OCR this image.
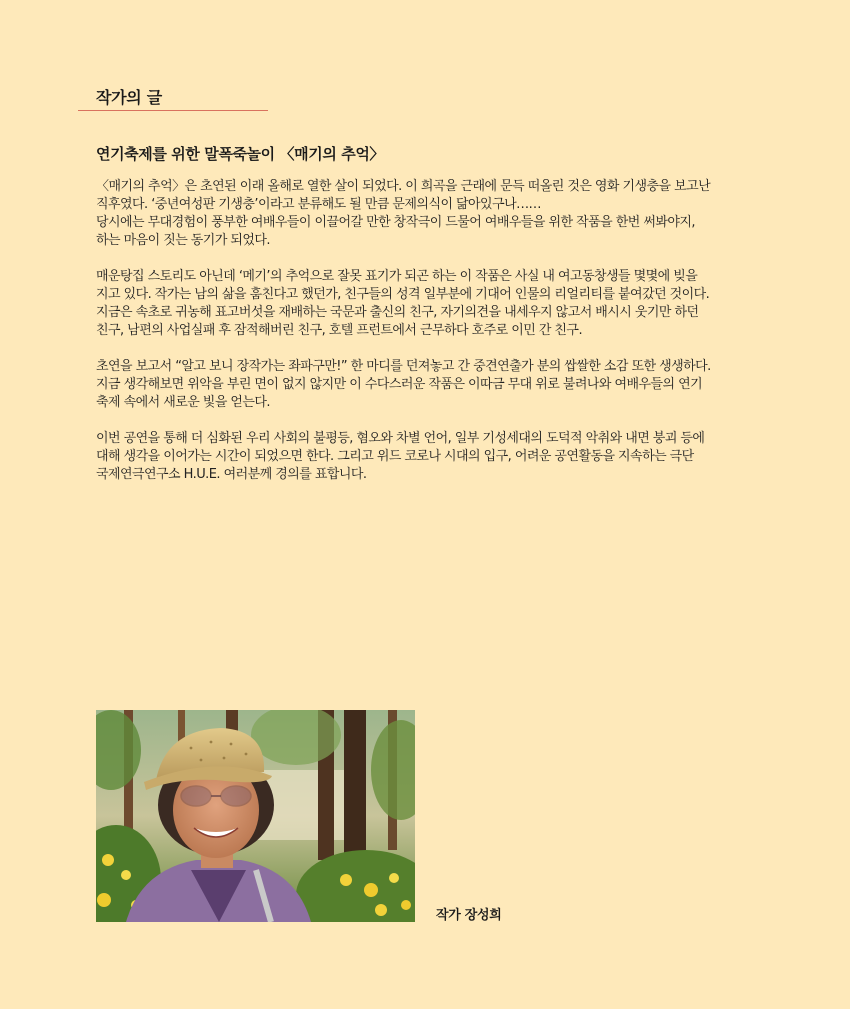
작가의 글
연기축제를 위한 말폭죽놀이 〈매기의 추억〉

〈매기의 추억〉은 초연된 이래 올해로 열한 살이 되었다. 이 희곡을 근래에 문득 떠올린 것은 영화 기생충을 보고난
직후였다. ‘중년여성판 기생충’이라고 분류해도 될 만큼 문제의식이 닮아있구나……
당시에는 무대경험이 풍부한 여배우들이 이끌어갈 만한 창작극이 드물어 여배우들을 위한 작품을 한번 써봐야지,
하는 마음이 짓는 동기가 되었다.

매운탕집 스토리도 아닌데 ‘메기’의 추억으로 잘못 표기가 되곤 하는 이 작품은 사실 내 여고동창생들 몇몇에 빚을
지고 있다. 작가는 남의 삶을 훔친다고 했던가, 친구들의 성격 일부분에 기대어 인물의 리얼리티를 붙여갔던 것이다.
지금은 속초로 귀농해 표고버섯을 재배하는 국문과 출신의 친구, 자기의견을 내세우지 않고서 배시시 웃기만 하던
친구, 남편의 사업실패 후 잠적해버린 친구, 호텔 프런트에서 근무하다 호주로 이민 간 친구.

초연을 보고서 “알고 보니 장작가는 좌파구만!” 한 마디를 던져놓고 간 중견연출가 분의 쌉쌀한 소감 또한 생생하다.
지금 생각해보면 위악을 부린 면이 없지 않지만 이 수다스러운 작품은 이따금 무대 위로 불려나와 여배우들의 연기
축제 속에서 새로운 빛을 얻는다.

이번 공연을 통해 더 심화된 우리 사회의 불평등, 혐오와 차별 언어, 일부 기성세대의 도덕적 악취와 내면 붕괴 등에
대해 생각을 이어가는 시간이 되었으면 한다. 그리고 위드 코로나 시대의 입구, 어려운 공연활동을 지속하는 극단
국제연극연구소 H.U.E. 여러분께 경의를 표합니다.

작가 장성희
